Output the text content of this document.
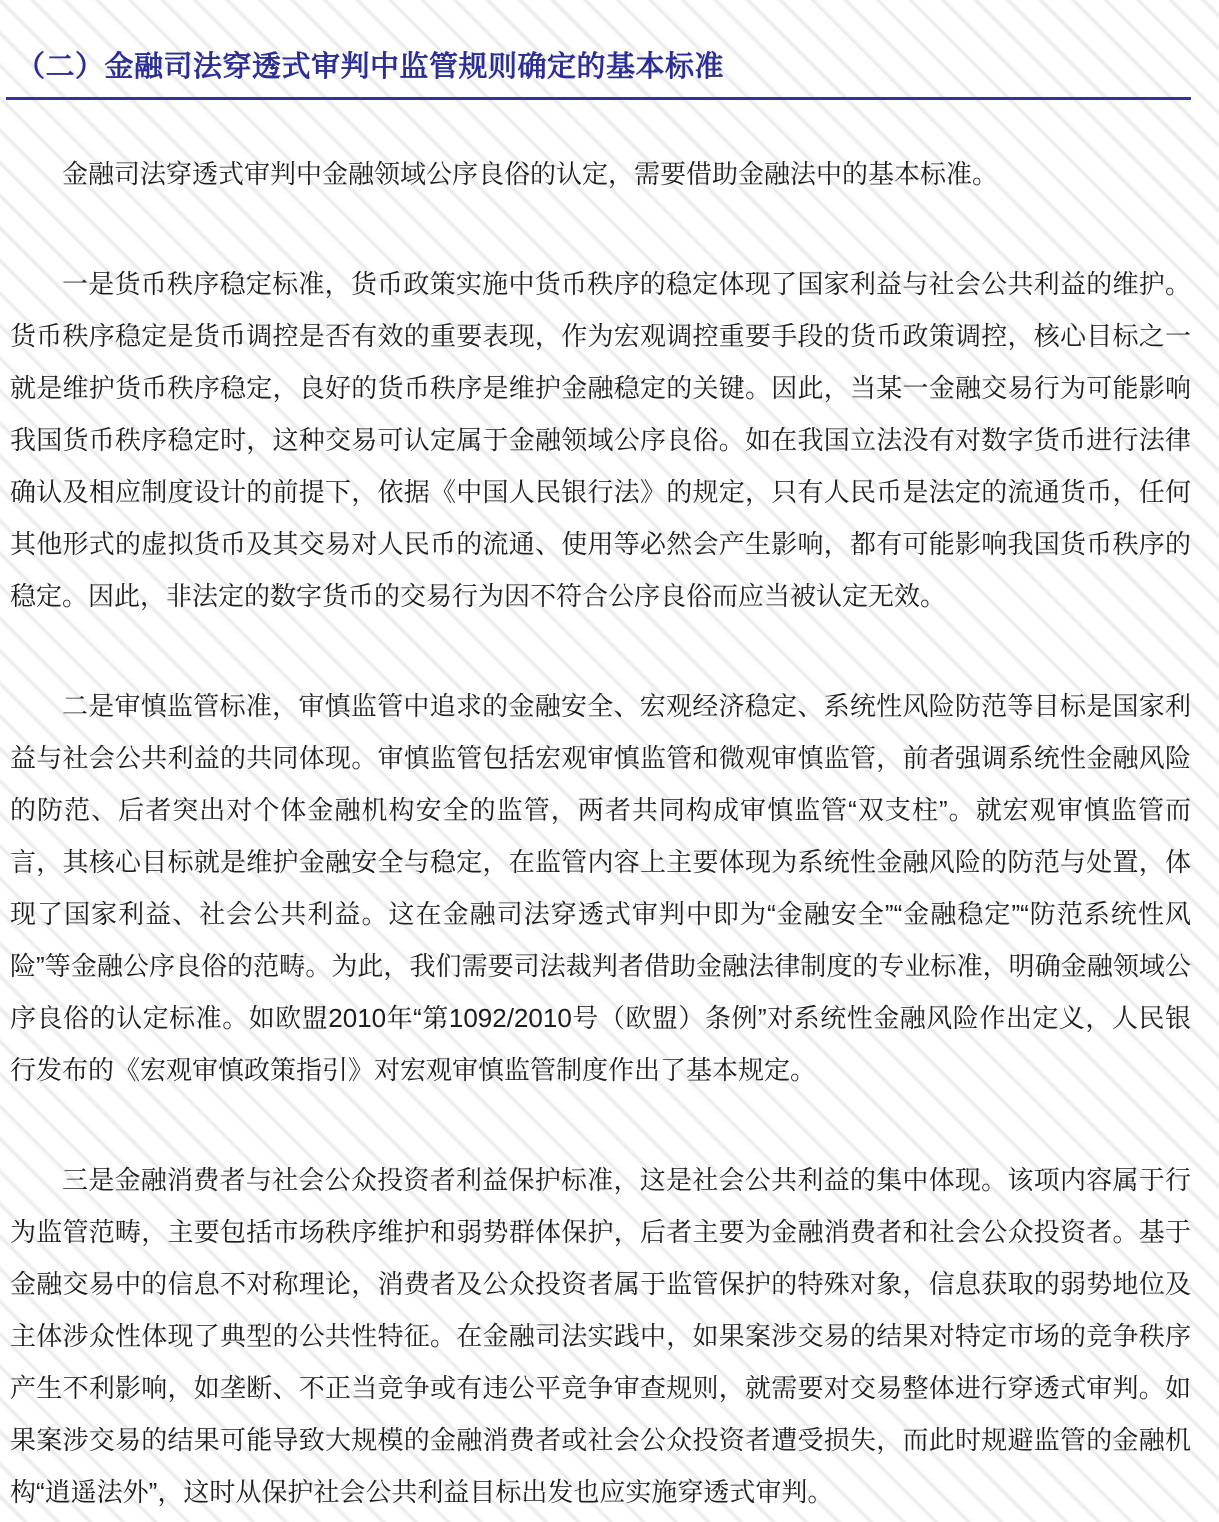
（二）金融司法穿透式审判中监管规则确定的基本标准

金融司法穿透式审判中金融领域公序良俗的认定，需要借助金融法中的基本标准。

一是货币秩序稳定标准，货币政策实施中货币秩序的稳定体现了国家利益与社会公共利益的维护。货币秩序稳定是货币调控是否有效的重要表现，作为宏观调控重要手段的货币政策调控，核心目标之一就是维护货币秩序稳定，良好的货币秩序是维护金融稳定的关键。因此，当某一金融交易行为可能影响我国货币秩序稳定时，这种交易可认定属于金融领域公序良俗。如在我国立法没有对数字货币进行法律确认及相应制度设计的前提下，依据《中国人民银行法》的规定，只有人民币是法定的流通货币，任何其他形式的虚拟货币及其交易对人民币的流通、使用等必然会产生影响，都有可能影响我国货币秩序的稳定。因此，非法定的数字货币的交易行为因不符合公序良俗而应当被认定无效。

二是审慎监管标准，审慎监管中追求的金融安全、宏观经济稳定、系统性风险防范等目标是国家利益与社会公共利益的共同体现。审慎监管包括宏观审慎监管和微观审慎监管，前者强调系统性金融风险的防范、后者突出对个体金融机构安全的监管，两者共同构成审慎监管“双支柱”。就宏观审慎监管而言，其核心目标就是维护金融安全与稳定，在监管内容上主要体现为系统性金融风险的防范与处置，体现了国家利益、社会公共利益。这在金融司法穿透式审判中即为“金融安全”“金融稳定”“防范系统性风险”等金融公序良俗的范畴。为此，我们需要司法裁判者借助金融法律制度的专业标准，明确金融领域公序良俗的认定标准。如欧盟2010年“第1092/2010号（欧盟）条例”对系统性金融风险作出定义，人民银行发布的《宏观审慎政策指引》对宏观审慎监管制度作出了基本规定。

三是金融消费者与社会公众投资者利益保护标准，这是社会公共利益的集中体现。该项内容属于行为监管范畴，主要包括市场秩序维护和弱势群体保护，后者主要为金融消费者和社会公众投资者。基于金融交易中的信息不对称理论，消费者及公众投资者属于监管保护的特殊对象，信息获取的弱势地位及主体涉众性体现了典型的公共性特征。在金融司法实践中，如果案涉交易的结果对特定市场的竞争秩序产生不利影响，如垄断、不正当竞争或有违公平竞争审查规则，就需要对交易整体进行穿透式审判。如果案涉交易的结果可能导致大规模的金融消费者或社会公众投资者遭受损失，而此时规避监管的金融机构“逍遥法外”，这时从保护社会公共利益目标出发也应实施穿透式审判。
